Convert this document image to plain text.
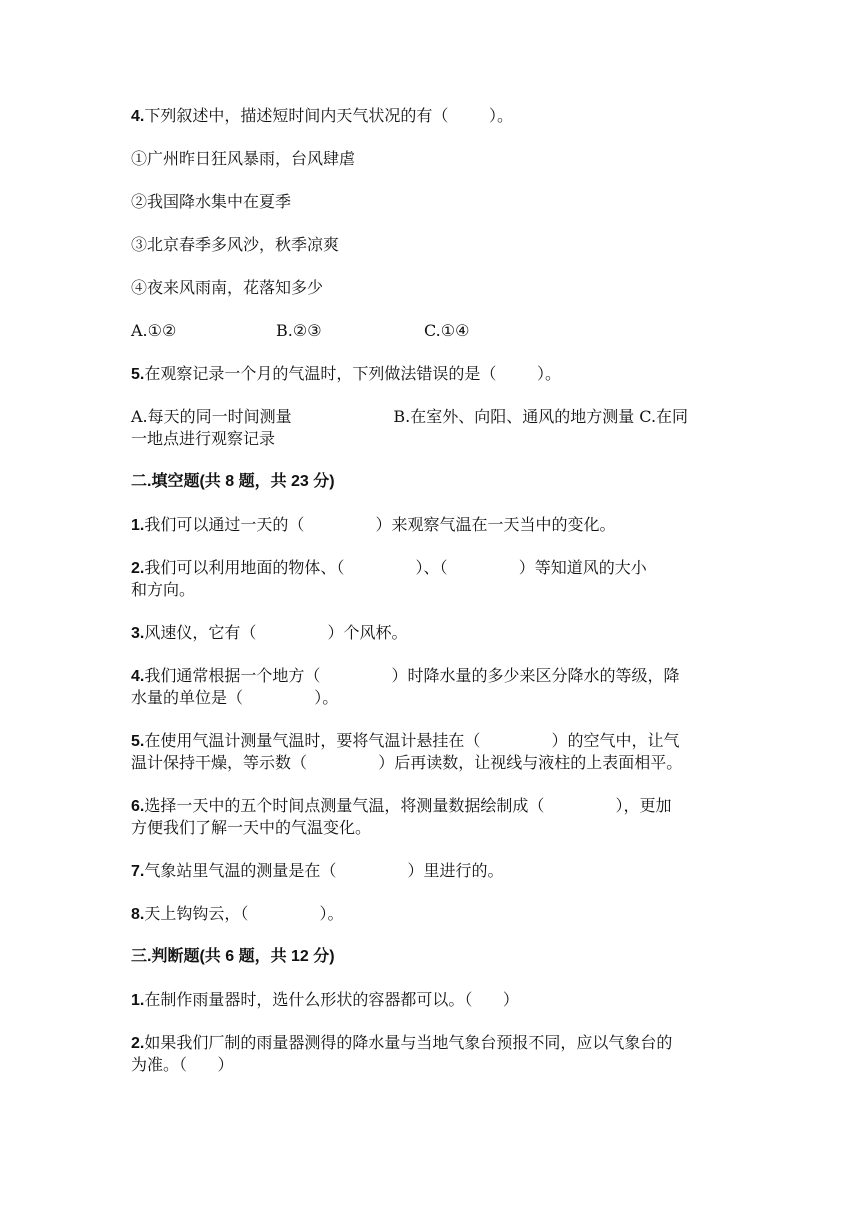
4.下列叙述中，描述短时间内天气状况的有（        ）。
①广州昨日狂风暴雨，台风肆虐
②我国降水集中在夏季
③北京春季多风沙，秋季凉爽
④夜来风雨南，花落知多少
A.①②	B.②③	C.①④
5.在观察记录一个月的气温时，下列做法错误的是（        ）。
A.每天的同一时间测量                    B.在室外、向阳、通风的地方测量 C.在同
一地点进行观察记录
二.填空题(共 8 题，共 23 分)
1.我们可以通过一天的（              ）来观察气温在一天当中的变化。
2.我们可以利用地面的物体、（              ）、（              ）等知道风的大小
和方向。
3.风速仪，它有（              ）个风杯。
4.我们通常根据一个地方（              ）时降水量的多少来区分降水的等级，降
水量的单位是（              ）。
5.在使用气温计测量气温时，要将气温计悬挂在（              ）的空气中，让气
温计保持干燥，等示数（              ）后再读数，让视线与液柱的上表面相平。
6.选择一天中的五个时间点测量气温，将测量数据绘制成（              ），更加
方便我们了解一天中的气温变化。
7.气象站里气温的测量是在（              ）里进行的。
8.天上钩钩云，（              ）。
三.判断题(共 6 题，共 12 分)
1.在制作雨量器时，选什么形状的容器都可以。（      ）
2.如果我们厂制的雨量器测得的降水量与当地气象台预报不同，应以气象台的
为准。（      ）
